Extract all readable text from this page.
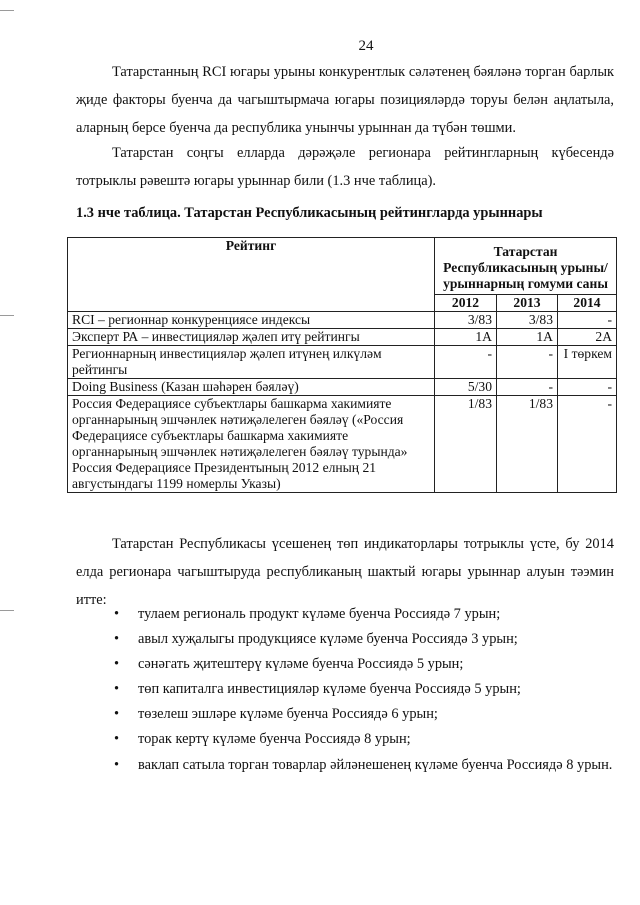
24

Татарстанның RCI югары урыны конкурентлык сәләтенең бәяләнә торган барлык җиде факторы буенча да чагыштырмача югары позицияләрдә торуы белән аңлатыла, аларның берсе буенча да республика унынчы урыннан да түбән төшми.

Татарстан соңгы елларда дәрәҗәле регионара рейтингларның күбесендә тотрыклы рәвештә югары урыннар били (1.3 нче таблица).

1.3 нче таблица. Татарстан Республикасының рейтингларда урыннары

Рейтинг	Татарстан Республикасының урыны/урыннарның гомуми саны		
	2012	2013	2014
RCI – регионнар конкуренциясе индексы	3/83	3/83	-
Эксперт РА – инвестицияләр җәлеп итү рейтингы	1А	1А	2А
Регионнарның инвестицияләр җәлеп итүнең илкүләм рейтингы	-	-	I төркем
Doing Business (Казан шәһәрен бәяләү)	5/30	-	-
Россия Федерациясе субъектлары башкарма хакимияте органнарының эшчәнлек нәтиҗәлелеген бәяләү («Россия Федерациясе субъектлары башкарма хакимияте органнарының эшчәнлек нәтиҗәлелеген бәяләү турында» Россия Федерациясе Президентының 2012 елның 21 августындагы 1199 номерлы Указы)	1/83	1/83	-

Татарстан Республикасы үсешенең төп индикаторлары тотрыклы үсте, бу 2014 елда регионара чагыштыруда республиканың шактый югары урыннар алуын тәэмин итте:

• тулаем региональ продукт күләме буенча Россиядә 7 урын;
• авыл хуҗалыгы продукциясе күләме буенча Россиядә 3 урын;
• сәнәгать җитештерү күләме буенча Россиядә 5 урын;
• төп капиталга инвестицияләр күләме буенча Россиядә 5 урын;
• төзелеш эшләре күләме буенча Россиядә 6 урын;
• торак кертү күләме буенча Россиядә 8 урын;
• ваклап сатыла торган товарлар әйләнешенең күләме буенча Россиядә 8 урын.
